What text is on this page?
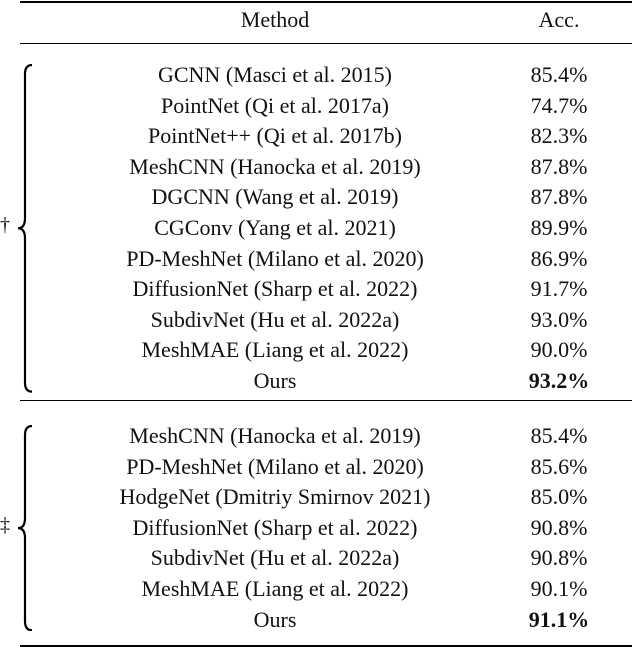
Method	Acc.
GCNN (Masci et al. 2015)	85.4%
PointNet (Qi et al. 2017a)	74.7%
PointNet++ (Qi et al. 2017b)	82.3%
MeshCNN (Hanocka et al. 2019)	87.8%
DGCNN (Wang et al. 2019)	87.8%
CGConv (Yang et al. 2021)	89.9%
PD-MeshNet (Milano et al. 2020)	86.9%
DiffusionNet (Sharp et al. 2022)	91.7%
SubdivNet (Hu et al. 2022a)	93.0%
MeshMAE (Liang et al. 2022)	90.0%
Ours	93.2%
MeshCNN (Hanocka et al. 2019)	85.4%
PD-MeshNet (Milano et al. 2020)	85.6%
HodgeNet (Dmitriy Smirnov 2021)	85.0%
DiffusionNet (Sharp et al. 2022)	90.8%
SubdivNet (Hu et al. 2022a)	90.8%
MeshMAE (Liang et al. 2022)	90.1%
Ours	91.1%
†
‡
